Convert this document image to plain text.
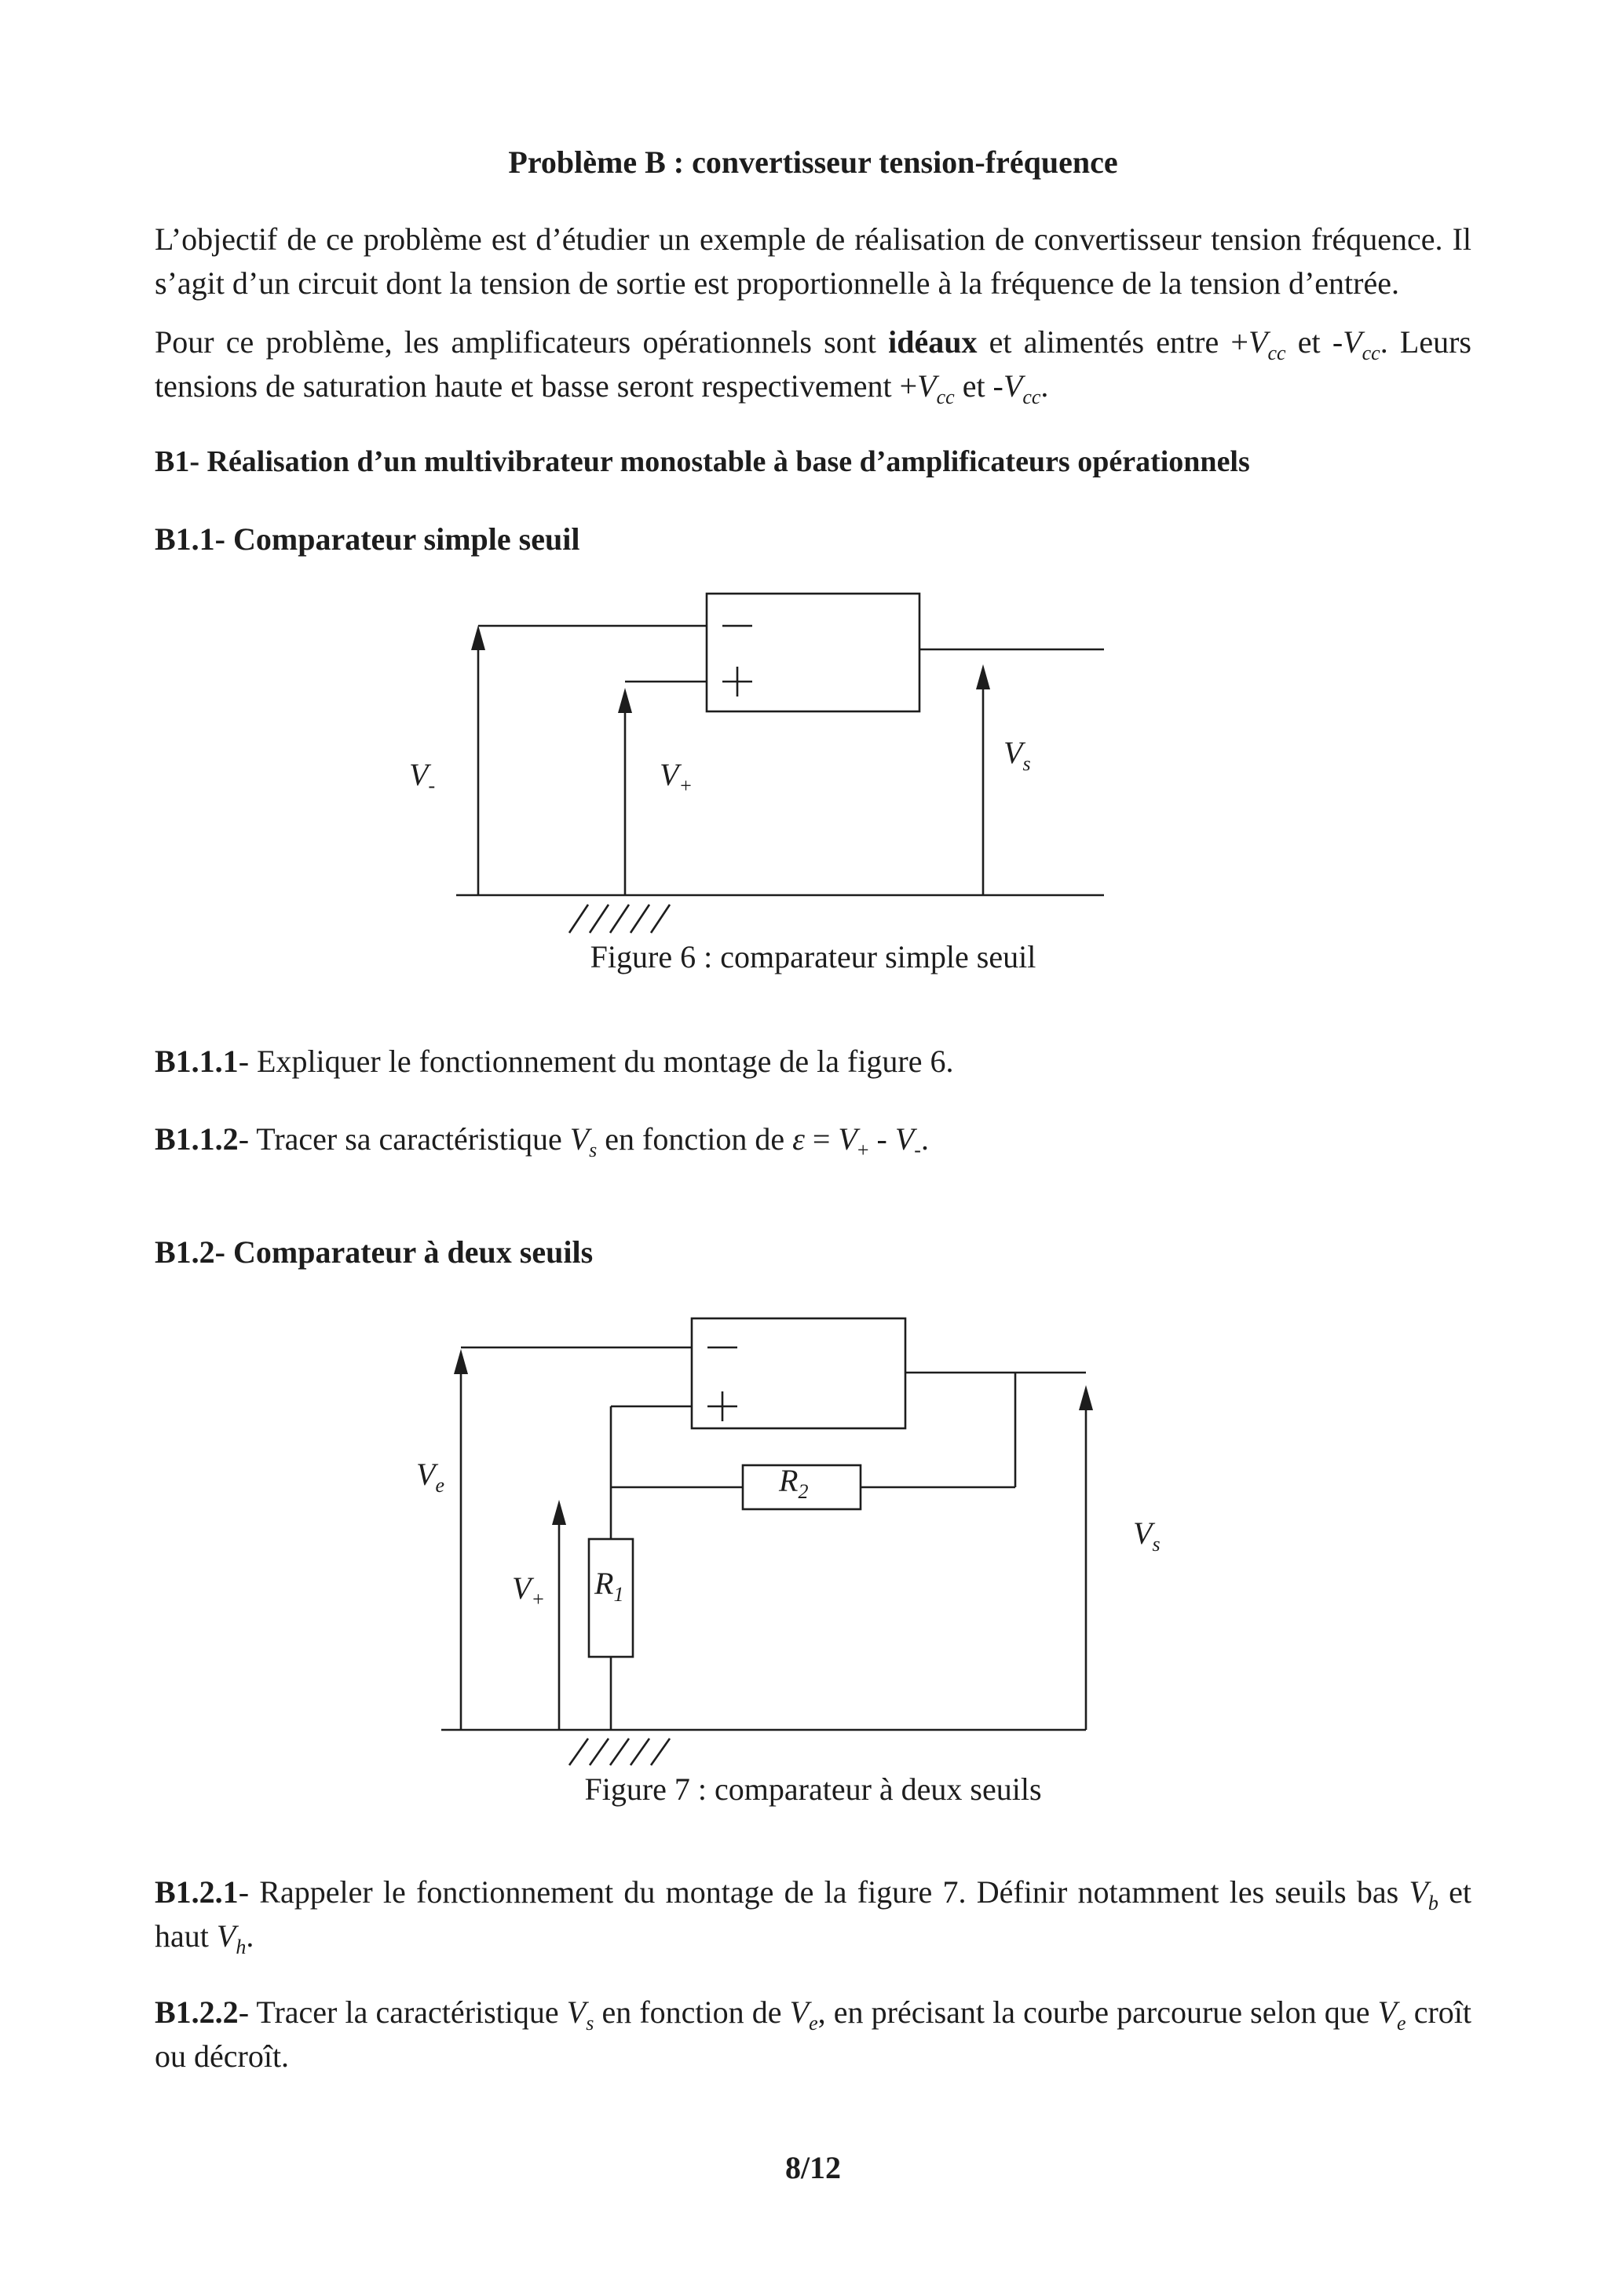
Problème B : convertisseur tension-fréquence

L’objectif de ce problème est d’étudier un exemple de réalisation de convertisseur tension fréquence. Il s’agit d’un circuit dont la tension de sortie est proportionnelle à la fréquence de la tension d’entrée.

Pour ce problème, les amplificateurs opérationnels sont idéaux et alimentés entre $+V_{cc}$ et $-V_{cc}$. Leurs tensions de saturation haute et basse seront respectivement $+V_{cc}$ et $-V_{cc}$.

B1- Réalisation d’un multivibrateur monostable à base d’amplificateurs opérationnels

B1.1- Comparateur simple seuil

$V_-$	$V_+$
$V_s$

Figure 6 : comparateur simple seuil

B1.1.1- Expliquer le fonctionnement du montage de la figure 6.

B1.1.2- Tracer sa caractéristique $V_s$ en fonction de $\varepsilon = V_+ - V_-$.

B1.2- Comparateur à deux seuils

$V_e$
$V_+$ $R_1$
$R_2$
$V_s$

Figure 7 : comparateur à deux seuils

B1.2.1- Rappeler le fonctionnement du montage de la figure 7. Définir notamment les seuils bas $V_b$ et haut $V_h$.

B1.2.2- Tracer la caractéristique $V_s$ en fonction de $V_e$, en précisant la courbe parcourue selon que $V_e$ croît ou décroît.

8/12
